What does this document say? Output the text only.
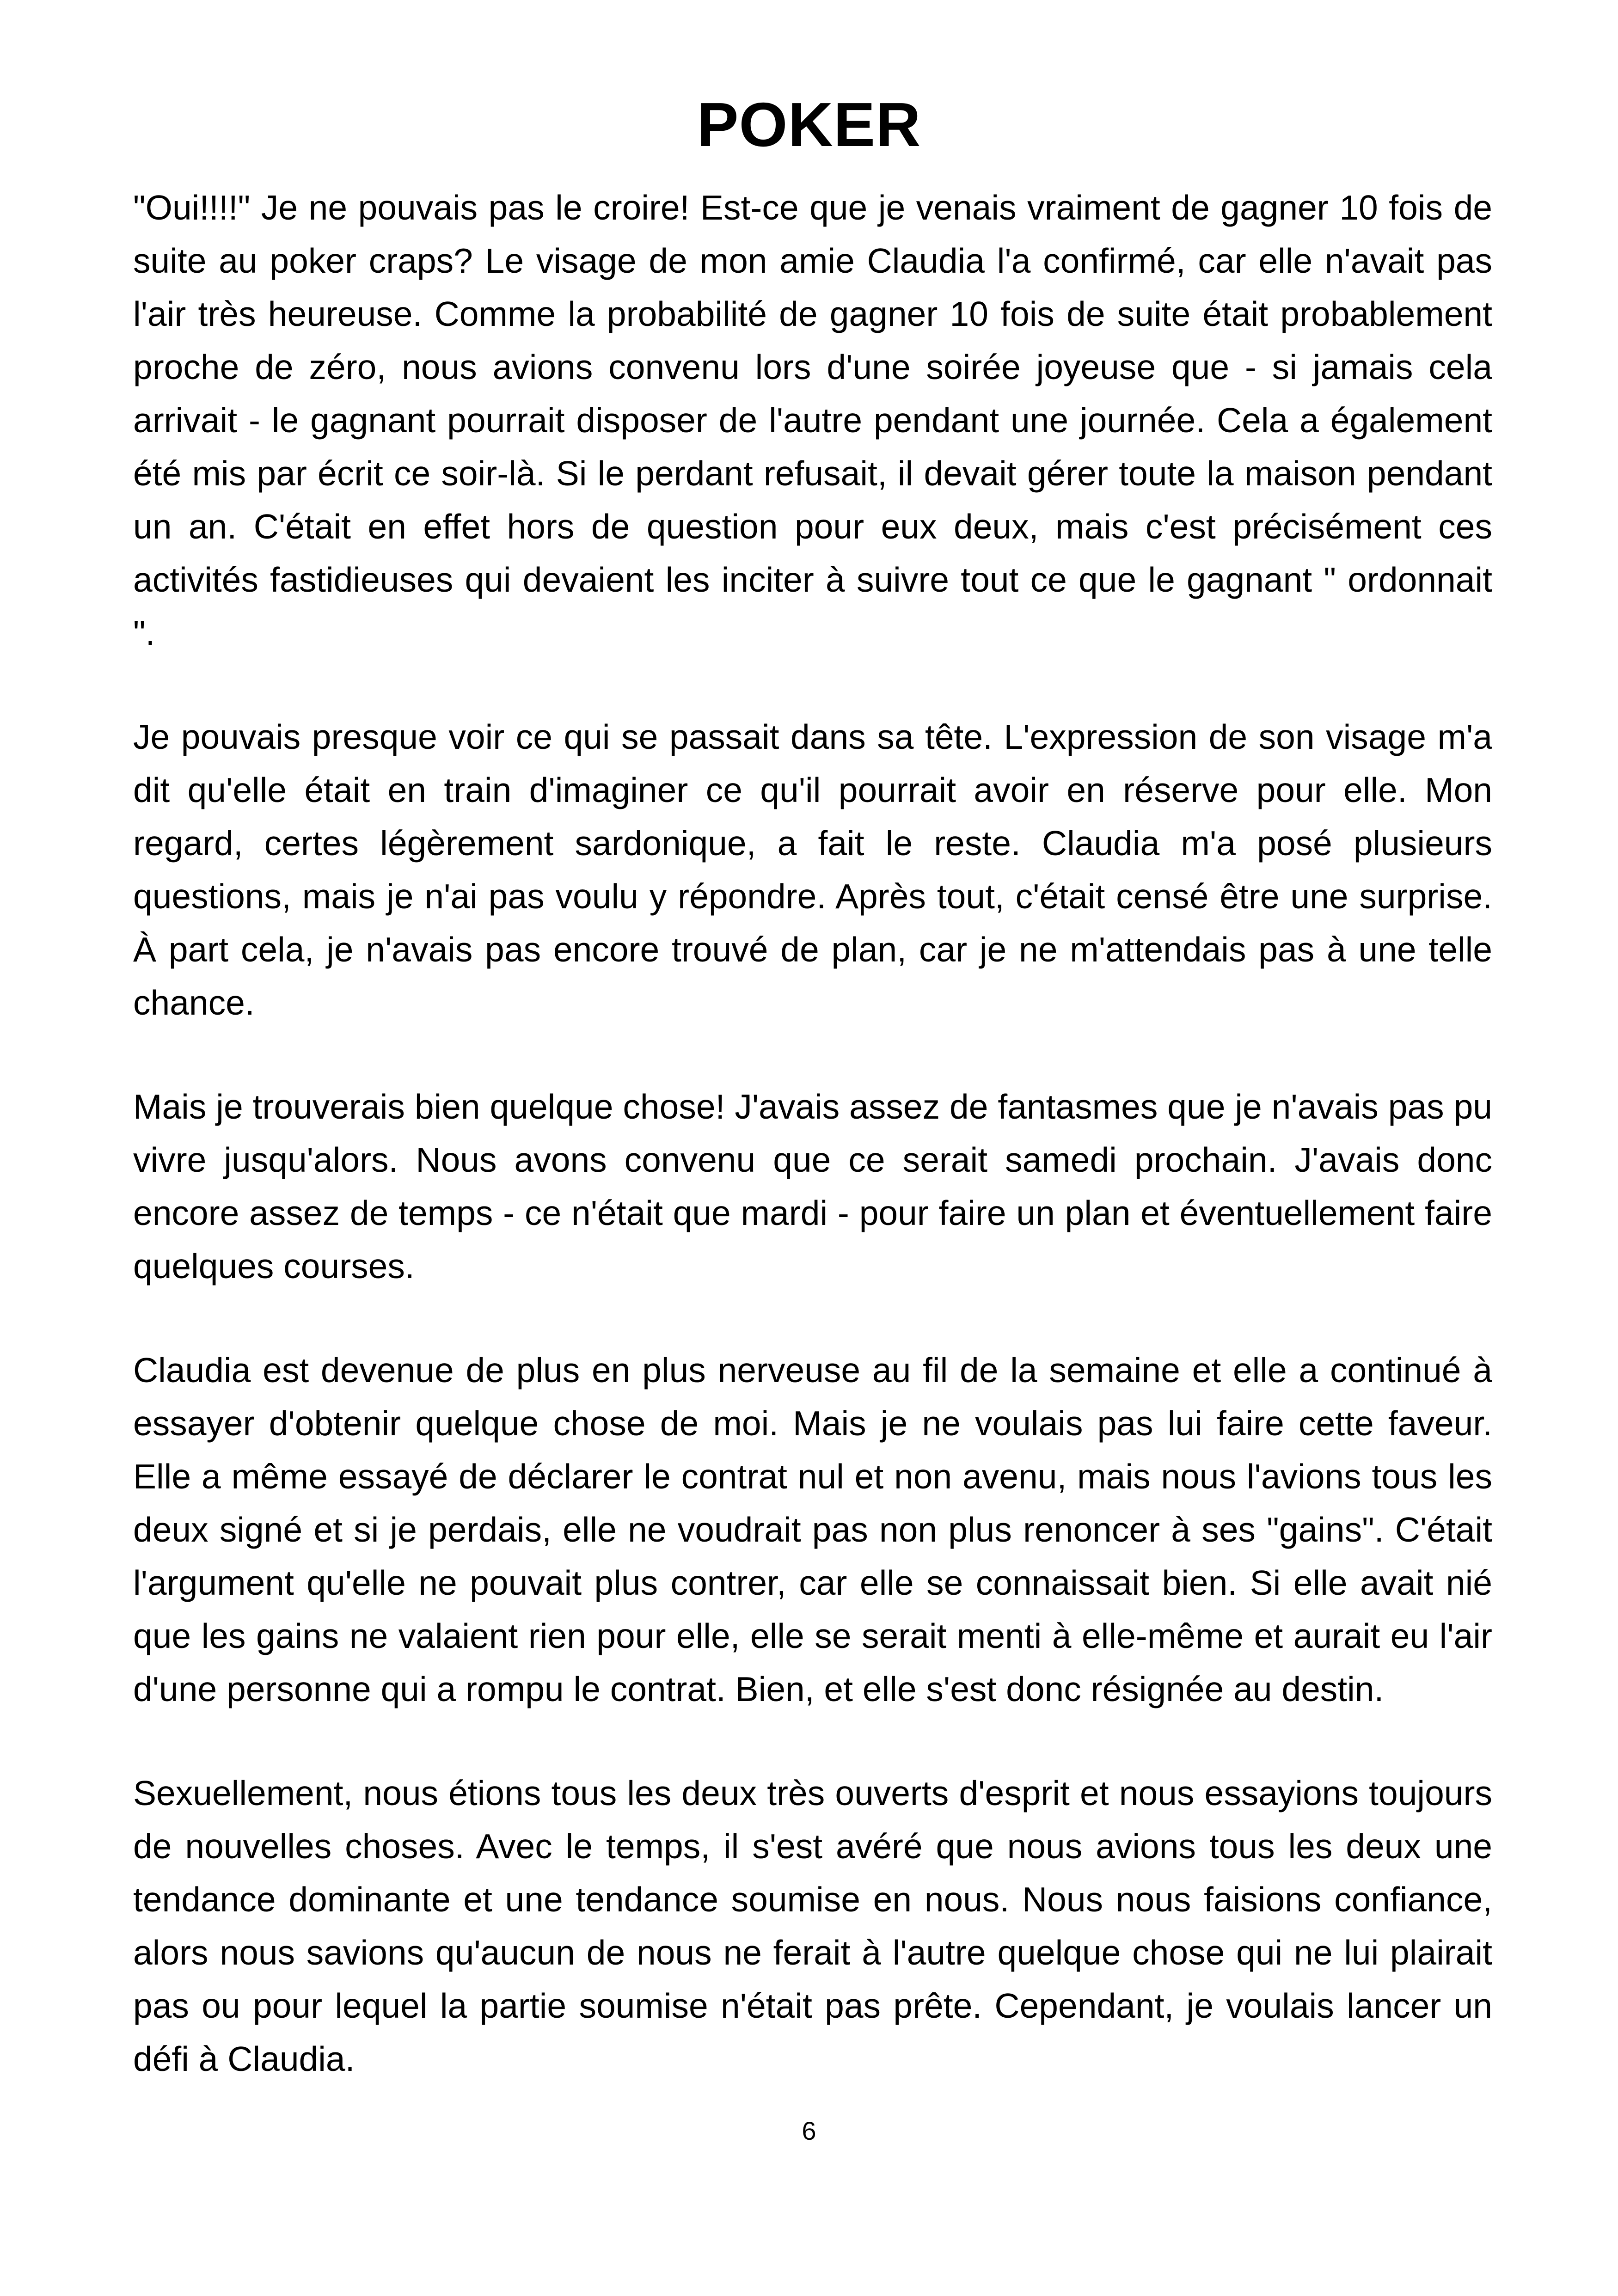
POKER

"Oui!!!!" Je ne pouvais pas le croire! Est-ce que je venais vraiment de gagner 10 fois de suite au poker craps? Le visage de mon amie Claudia l'a confirmé, car elle n'avait pas l'air très heureuse. Comme la probabilité de gagner 10 fois de suite était probablement proche de zéro, nous avions convenu lors d'une soirée joyeuse que - si jamais cela arrivait - le gagnant pourrait disposer de l'autre pendant une journée. Cela a également été mis par écrit ce soir-là. Si le perdant refusait, il devait gérer toute la maison pendant un an. C'était en effet hors de question pour eux deux, mais c'est précisément ces activités fastidieuses qui devaient les inciter à suivre tout ce que le gagnant " ordonnait ".

Je pouvais presque voir ce qui se passait dans sa tête. L'expression de son visage m'a dit qu'elle était en train d'imaginer ce qu'il pourrait avoir en réserve pour elle. Mon regard, certes légèrement sardonique, a fait le reste. Claudia m'a posé plusieurs questions, mais je n'ai pas voulu y répondre. Après tout, c'était censé être une surprise. À part cela, je n'avais pas encore trouvé de plan, car je ne m'attendais pas à une telle chance.

Mais je trouverais bien quelque chose! J'avais assez de fantasmes que je n'avais pas pu vivre jusqu'alors. Nous avons convenu que ce serait samedi prochain. J'avais donc encore assez de temps - ce n'était que mardi - pour faire un plan et éventuellement faire quelques courses.

Claudia est devenue de plus en plus nerveuse au fil de la semaine et elle a continué à essayer d'obtenir quelque chose de moi. Mais je ne voulais pas lui faire cette faveur. Elle a même essayé de déclarer le contrat nul et non avenu, mais nous l'avions tous les deux signé et si je perdais, elle ne voudrait pas non plus renoncer à ses "gains". C'était l'argument qu'elle ne pouvait plus contrer, car elle se connaissait bien. Si elle avait nié que les gains ne valaient rien pour elle, elle se serait menti à elle-même et aurait eu l'air d'une personne qui a rompu le contrat. Bien, et elle s'est donc résignée au destin.

Sexuellement, nous étions tous les deux très ouverts d'esprit et nous essayions toujours de nouvelles choses. Avec le temps, il s'est avéré que nous avions tous les deux une tendance dominante et une tendance soumise en nous. Nous nous faisions confiance, alors nous savions qu'aucun de nous ne ferait à l'autre quelque chose qui ne lui plairait pas ou pour lequel la partie soumise n'était pas prête. Cependant, je voulais lancer un défi à Claudia.

6
